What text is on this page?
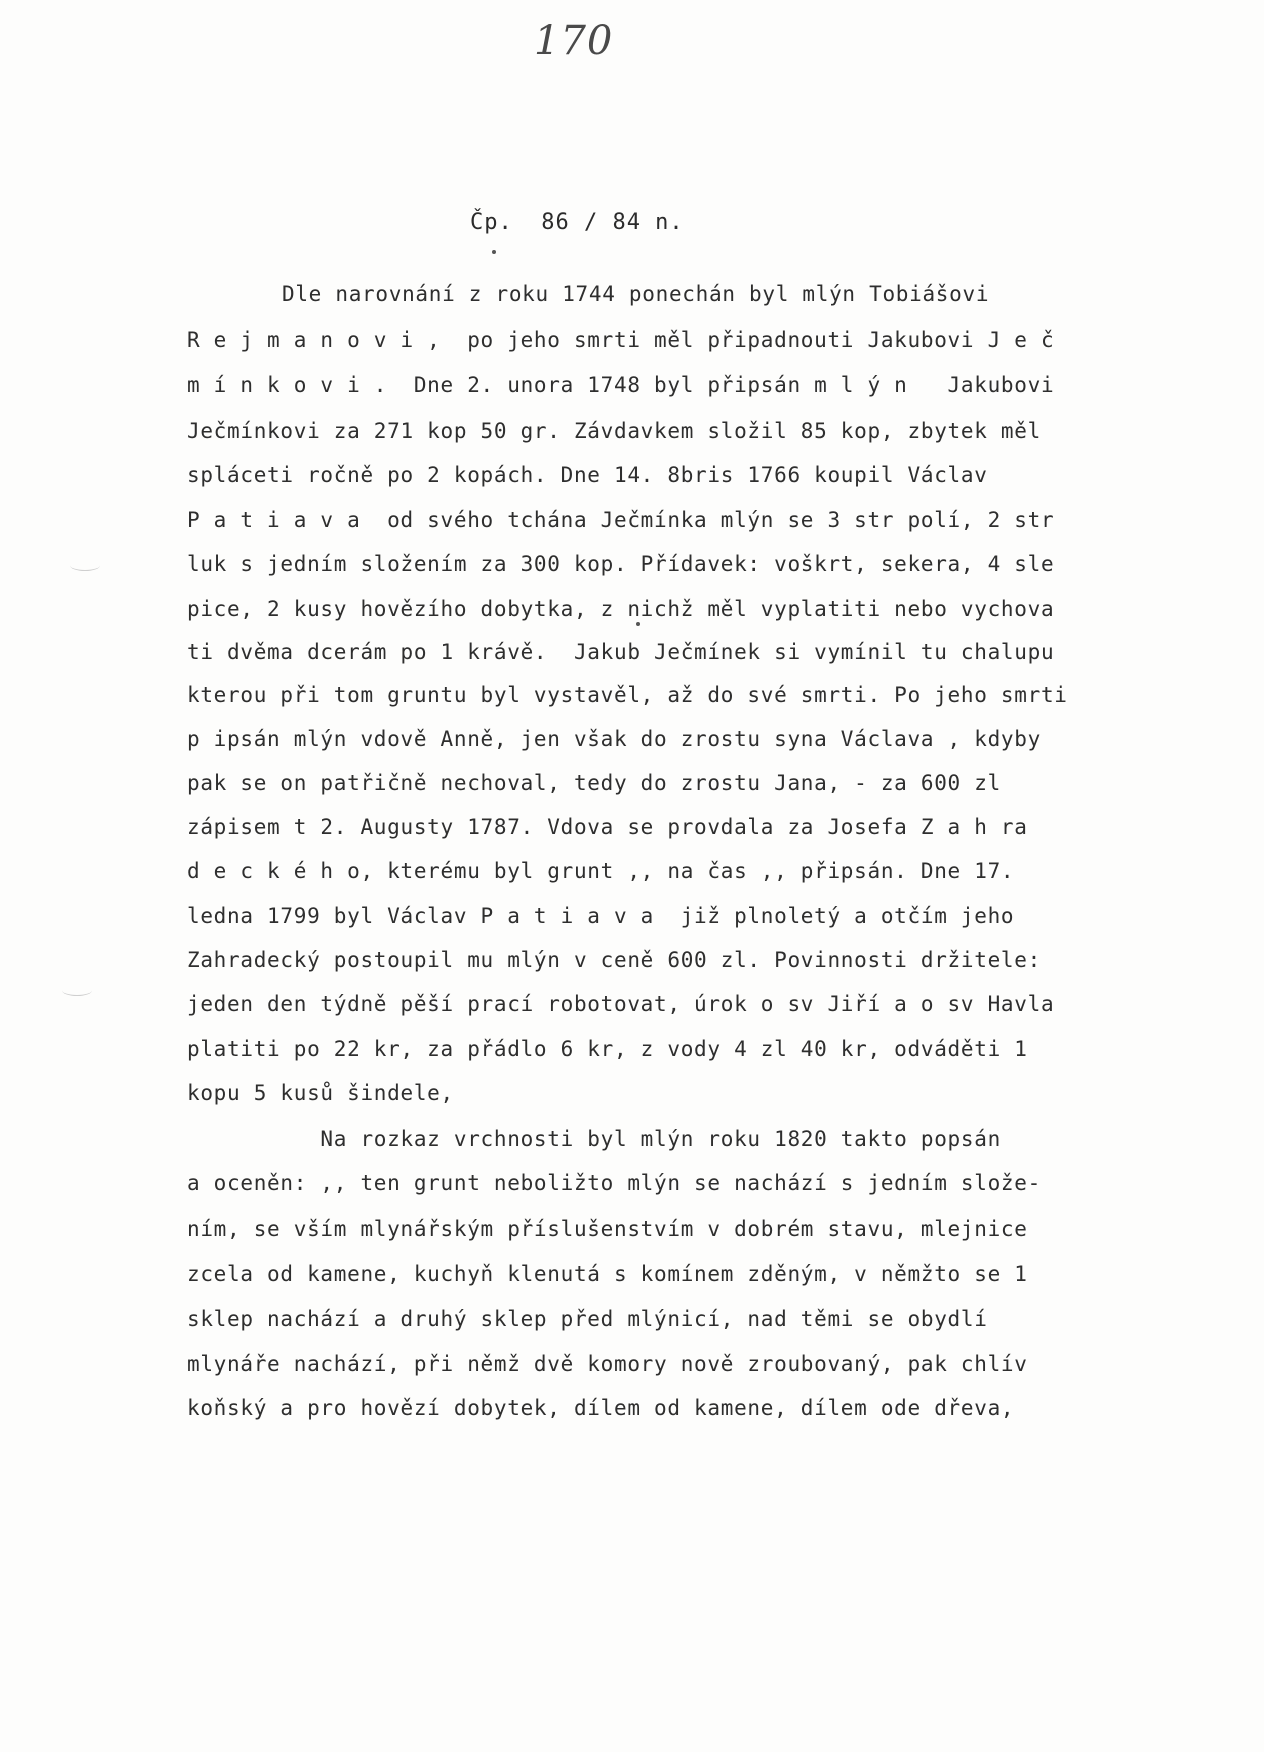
170
Čp.  86 / 84 n.
Dle narovnání z roku 1744 ponechán byl mlýn Tobiášovi
R e j m a n o v i ,  po jeho smrti měl připadnouti Jakubovi J e č
m í n k o v i .  Dne 2. unora 1748 byl připsán m l ý n   Jakubovi
Ječmínkovi za 271 kop 50 gr. Závdavkem složil 85 kop, zbytek měl
spláceti ročně po 2 kopách. Dne 14. 8bris 1766 koupil Václav
P a t i a v a  od svého tchána Ječmínka mlýn se 3 str polí, 2 str
luk s jedním složením za 300 kop. Přídavek: voškrt, sekera, 4 sle
pice, 2 kusy hovězího dobytka, z nichž měl vyplatiti nebo vychova
ti dvěma dcerám po 1 krávě.  Jakub Ječmínek si vymínil tu chalupu
kterou při tom gruntu byl vystavěl, až do své smrti. Po jeho smrti
p ipsán mlýn vdově Anně, jen však do zrostu syna Václava , kdyby
pak se on patřičně nechoval, tedy do zrostu Jana, - za 600 zl
zápisem t 2. Augusty 1787. Vdova se provdala za Josefa Z a h ra
d e c k é h o, kterému byl grunt ,, na čas ,, připsán. Dne 17.
ledna 1799 byl Václav P a t i a v a  již plnoletý a otčím jeho
Zahradecký postoupil mu mlýn v ceně 600 zl. Povinnosti držitele:
jeden den týdně pěší prací robotovat, úrok o sv Jiří a o sv Havla
platiti po 22 kr, za přádlo 6 kr, z vody 4 zl 40 kr, odváděti 1
kopu 5 kusů šindele,
Na rozkaz vrchnosti byl mlýn roku 1820 takto popsán
a oceněn: ,, ten grunt neboližto mlýn se nachází s jedním slože-
ním, se vším mlynářským příslušenstvím v dobrém stavu, mlejnice
zcela od kamene, kuchyň klenutá s komínem zděným, v němžto se 1
sklep nachází a druhý sklep před mlýnicí, nad těmi se obydlí
mlynáře nachází, při němž dvě komory nově zroubovaný, pak chlív
koňský a pro hovězí dobytek, dílem od kamene, dílem ode dřeva,
